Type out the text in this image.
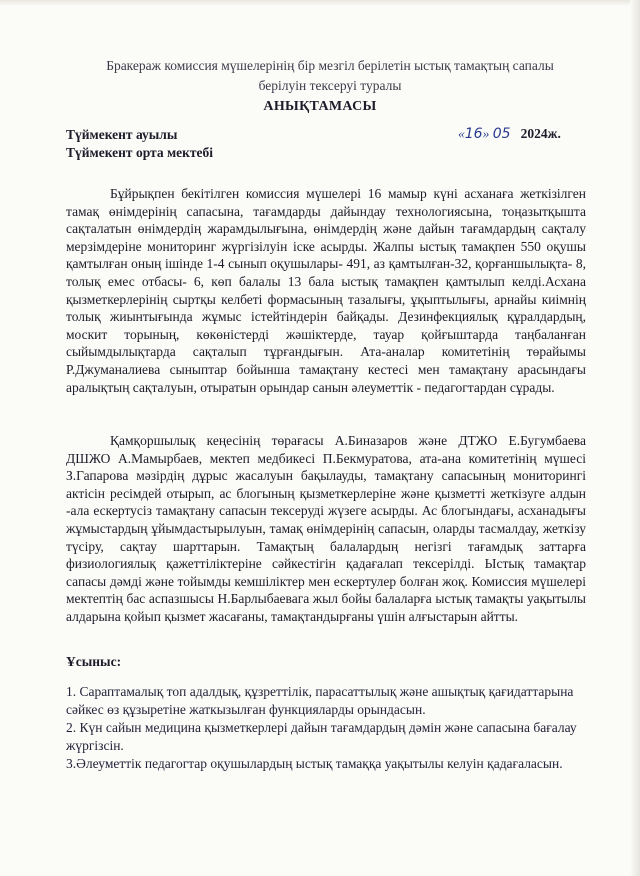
Бракераж комиссия мүшелерінің бір мезгіл берілетін ыстық тамақтың сапалы
берілуін тексеруі туралы
АНЫҚТАМАСЫ
Түймекент ауылы
Түймекент орта мектебі
«16» 05 2024ж.

Бұйрықпен бекітілген комиссия мүшелері 16 мамыр күні асханаға жеткізілген тамақ өнімдерінің сапасына, тағамдарды дайындау технологиясына, тоңазытқышта сақталатын өнімдердің жарамдылығына, өнімдердің және дайын тағамдардың сақталу мерзімдеріне мониторинг жүргізілуін іске асырды. Жалпы ыстық тамақпен 550 оқушы қамтылған оның ішінде 1-4 сынып оқушылары- 491, аз қамтылған-32, қорғаншылықта- 8, толық емес отбасы- 6, көп балалы 13 бала ыстық тамақпен қамтылып келді.Асхана қызметкерлерінің сыртқы келбеті формасының тазалығы, ұқыптылығы, арнайы киімнің толық жиынтығында жұмыс істейтіндерін байқады. Дезинфекциялық құралдардың, москит торының, көкөністерді жәшіктерде, тауар қойғыштарда таңбаланған сыйымдылықтарда сақталып тұрғандығын. Ата-аналар комитетінің төрайымы Р.Джуманалиева сыныптар бойынша тамақтану кестесі мен тамақтану арасындағы аралықтың сақталуын, отыратын орындар санын әлеуметтік - педагогтардан сұрады.

Қамқоршылық кеңесінің төрағасы А.Биназаров және ДТЖО Е.Бугумбаева ДШЖО А.Мамырбаев, мектеп медбикесі П.Бекмуратова, ата-ана комитетінің мүшесі З.Гапарова мәзірдің дұрыс жасалуын бақылауды, тамақтану сапасының мониторингі актісін ресімдей отырып, ас блогының қызметкерлеріне және қызметті жеткізуге алдын -ала ескертусіз тамақтану сапасын тексеруді жүзеге асырды. Ас блогындағы, асханадығы жұмыстардың ұйымдастырылуын, тамақ өнімдерінің сапасын, оларды тасмалдау, жеткізу түсіру, сақтау шарттарын. Тамақтың балалардың негізгі тағамдық заттарға физиологиялық қажеттіліктеріне сәйкестігін қадағалап тексерілді. Ыстық тамақтар сапасы дәмді және тойымды кемшіліктер мен ескертулер болған жоқ. Комиссия мүшелері мектептің бас аспазшысы Н.Барлыбаевага жыл бойы балаларға ыстық тамақты уақытылы алдарына қойып қызмет жасағаны, тамақтандырғаны үшін алғыстарын айтты.

Ұсыныс:

1. Сараптамалық топ адалдық, құзреттілік, парасаттылық және ашықтық қағидаттарына сәйкес өз құзыретіне жаткызылған функцияларды орындасын.

2. Күн сайын медицина қызметкерлері дайын тағамдардың дәмін және сапасына бағалау жүргізсін.

3.Әлеуметтік педагогтар оқушылардың ыстық тамаққа уақытылы келуін қадағаласын.
